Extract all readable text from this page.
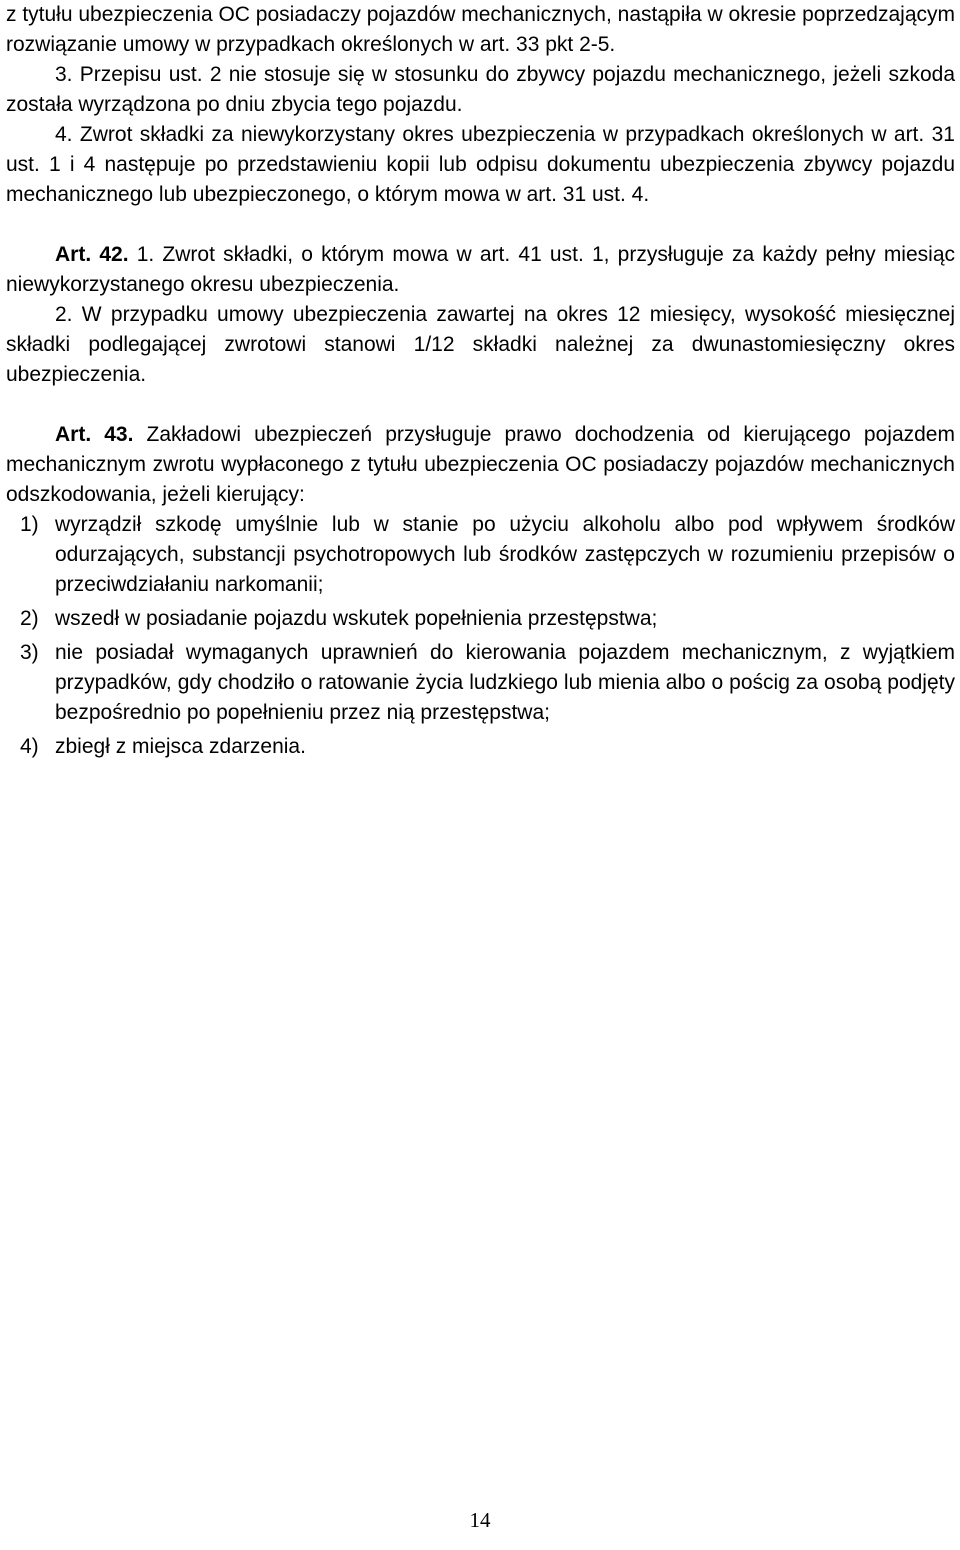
z tytułu ubezpieczenia OC posiadaczy pojazdów mechanicznych, nastąpiła w okresie poprzedzającym rozwiązanie umowy w przypadkach określonych w art. 33 pkt 2-5.

3. Przepisu ust. 2 nie stosuje się w stosunku do zbywcy pojazdu mechanicznego, jeżeli szkoda została wyrządzona po dniu zbycia tego pojazdu.

4. Zwrot składki za niewykorzystany okres ubezpieczenia w przypadkach określonych w art. 31 ust. 1 i 4 następuje po przedstawieniu kopii lub odpisu dokumentu ubezpieczenia zbywcy pojazdu mechanicznego lub ubezpieczonego, o którym mowa w art. 31 ust. 4.

Art. 42. 1. Zwrot składki, o którym mowa w art. 41 ust. 1, przysługuje za każdy pełny miesiąc niewykorzystanego okresu ubezpieczenia.

2. W przypadku umowy ubezpieczenia zawartej na okres 12 miesięcy, wysokość miesięcznej składki podlegającej zwrotowi stanowi 1/12 składki należnej za dwunastomiesięczny okres ubezpieczenia.

Art. 43. Zakładowi ubezpieczeń przysługuje prawo dochodzenia od kierującego pojazdem mechanicznym zwrotu wypłaconego z tytułu ubezpieczenia OC posiadaczy pojazdów mechanicznych odszkodowania, jeżeli kierujący:

1) wyrządził szkodę umyślnie lub w stanie po użyciu alkoholu albo pod wpływem środków odurzających, substancji psychotropowych lub środków zastępczych w rozumieniu przepisów o przeciwdziałaniu narkomanii;
2) wszedł w posiadanie pojazdu wskutek popełnienia przestępstwa;
3) nie posiadał wymaganych uprawnień do kierowania pojazdem mechanicznym, z wyjątkiem przypadków, gdy chodziło o ratowanie życia ludzkiego lub mienia albo o pościg za osobą podjęty bezpośrednio po popełnieniu przez nią przestępstwa;
4) zbiegł z miejsca zdarzenia.
14
